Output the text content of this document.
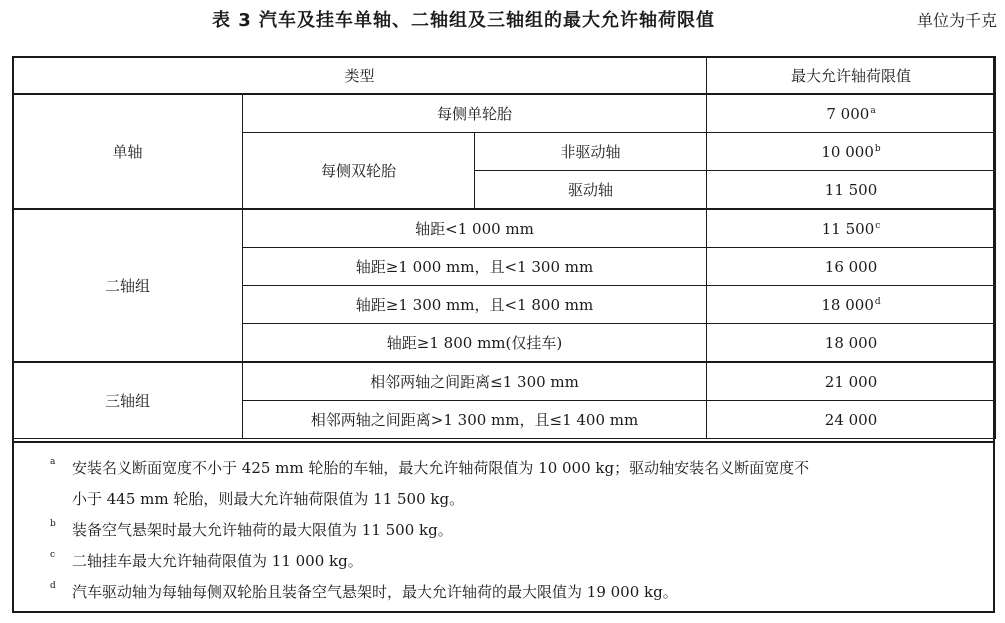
表 3 汽车及挂车单轴、二轴组及三轴组的最大允许轴荷限值	单位为千克
类型			最大允许轴荷限值
单轴	每侧单轮胎		7 000$^a$
	每侧双轮胎	非驱动轴	10 000$^b$
		驱动轴	11 500
二轴组	轴距<1 000 mm		11 500$^c$
	轴距≥1 000 mm，且<1 300 mm		16 000
	轴距≥1 300 mm，且<1 800 mm		18 000$^d$
	轴距≥1 800 mm(仅挂车)		18 000
三轴组	相邻两轴之间距离≤1 300 mm		21 000
	相邻两轴之间距离>1 300 mm，且≤1 400 mm		24 000

a 安装名义断面宽度不小于 425 mm 轮胎的车轴，最大允许轴荷限值为 10 000 kg；驱动轴安装名义断面宽度不
小于 445 mm 轮胎，则最大允许轴荷限值为 11 500 kg。

b 装备空气悬架时最大允许轴荷的最大限值为 11 500 kg。

c 二轴挂车最大允许轴荷限值为 11 000 kg。

d 汽车驱动轴为每轴每侧双轮胎且装备空气悬架时，最大允许轴荷的最大限值为 19 000 kg。
